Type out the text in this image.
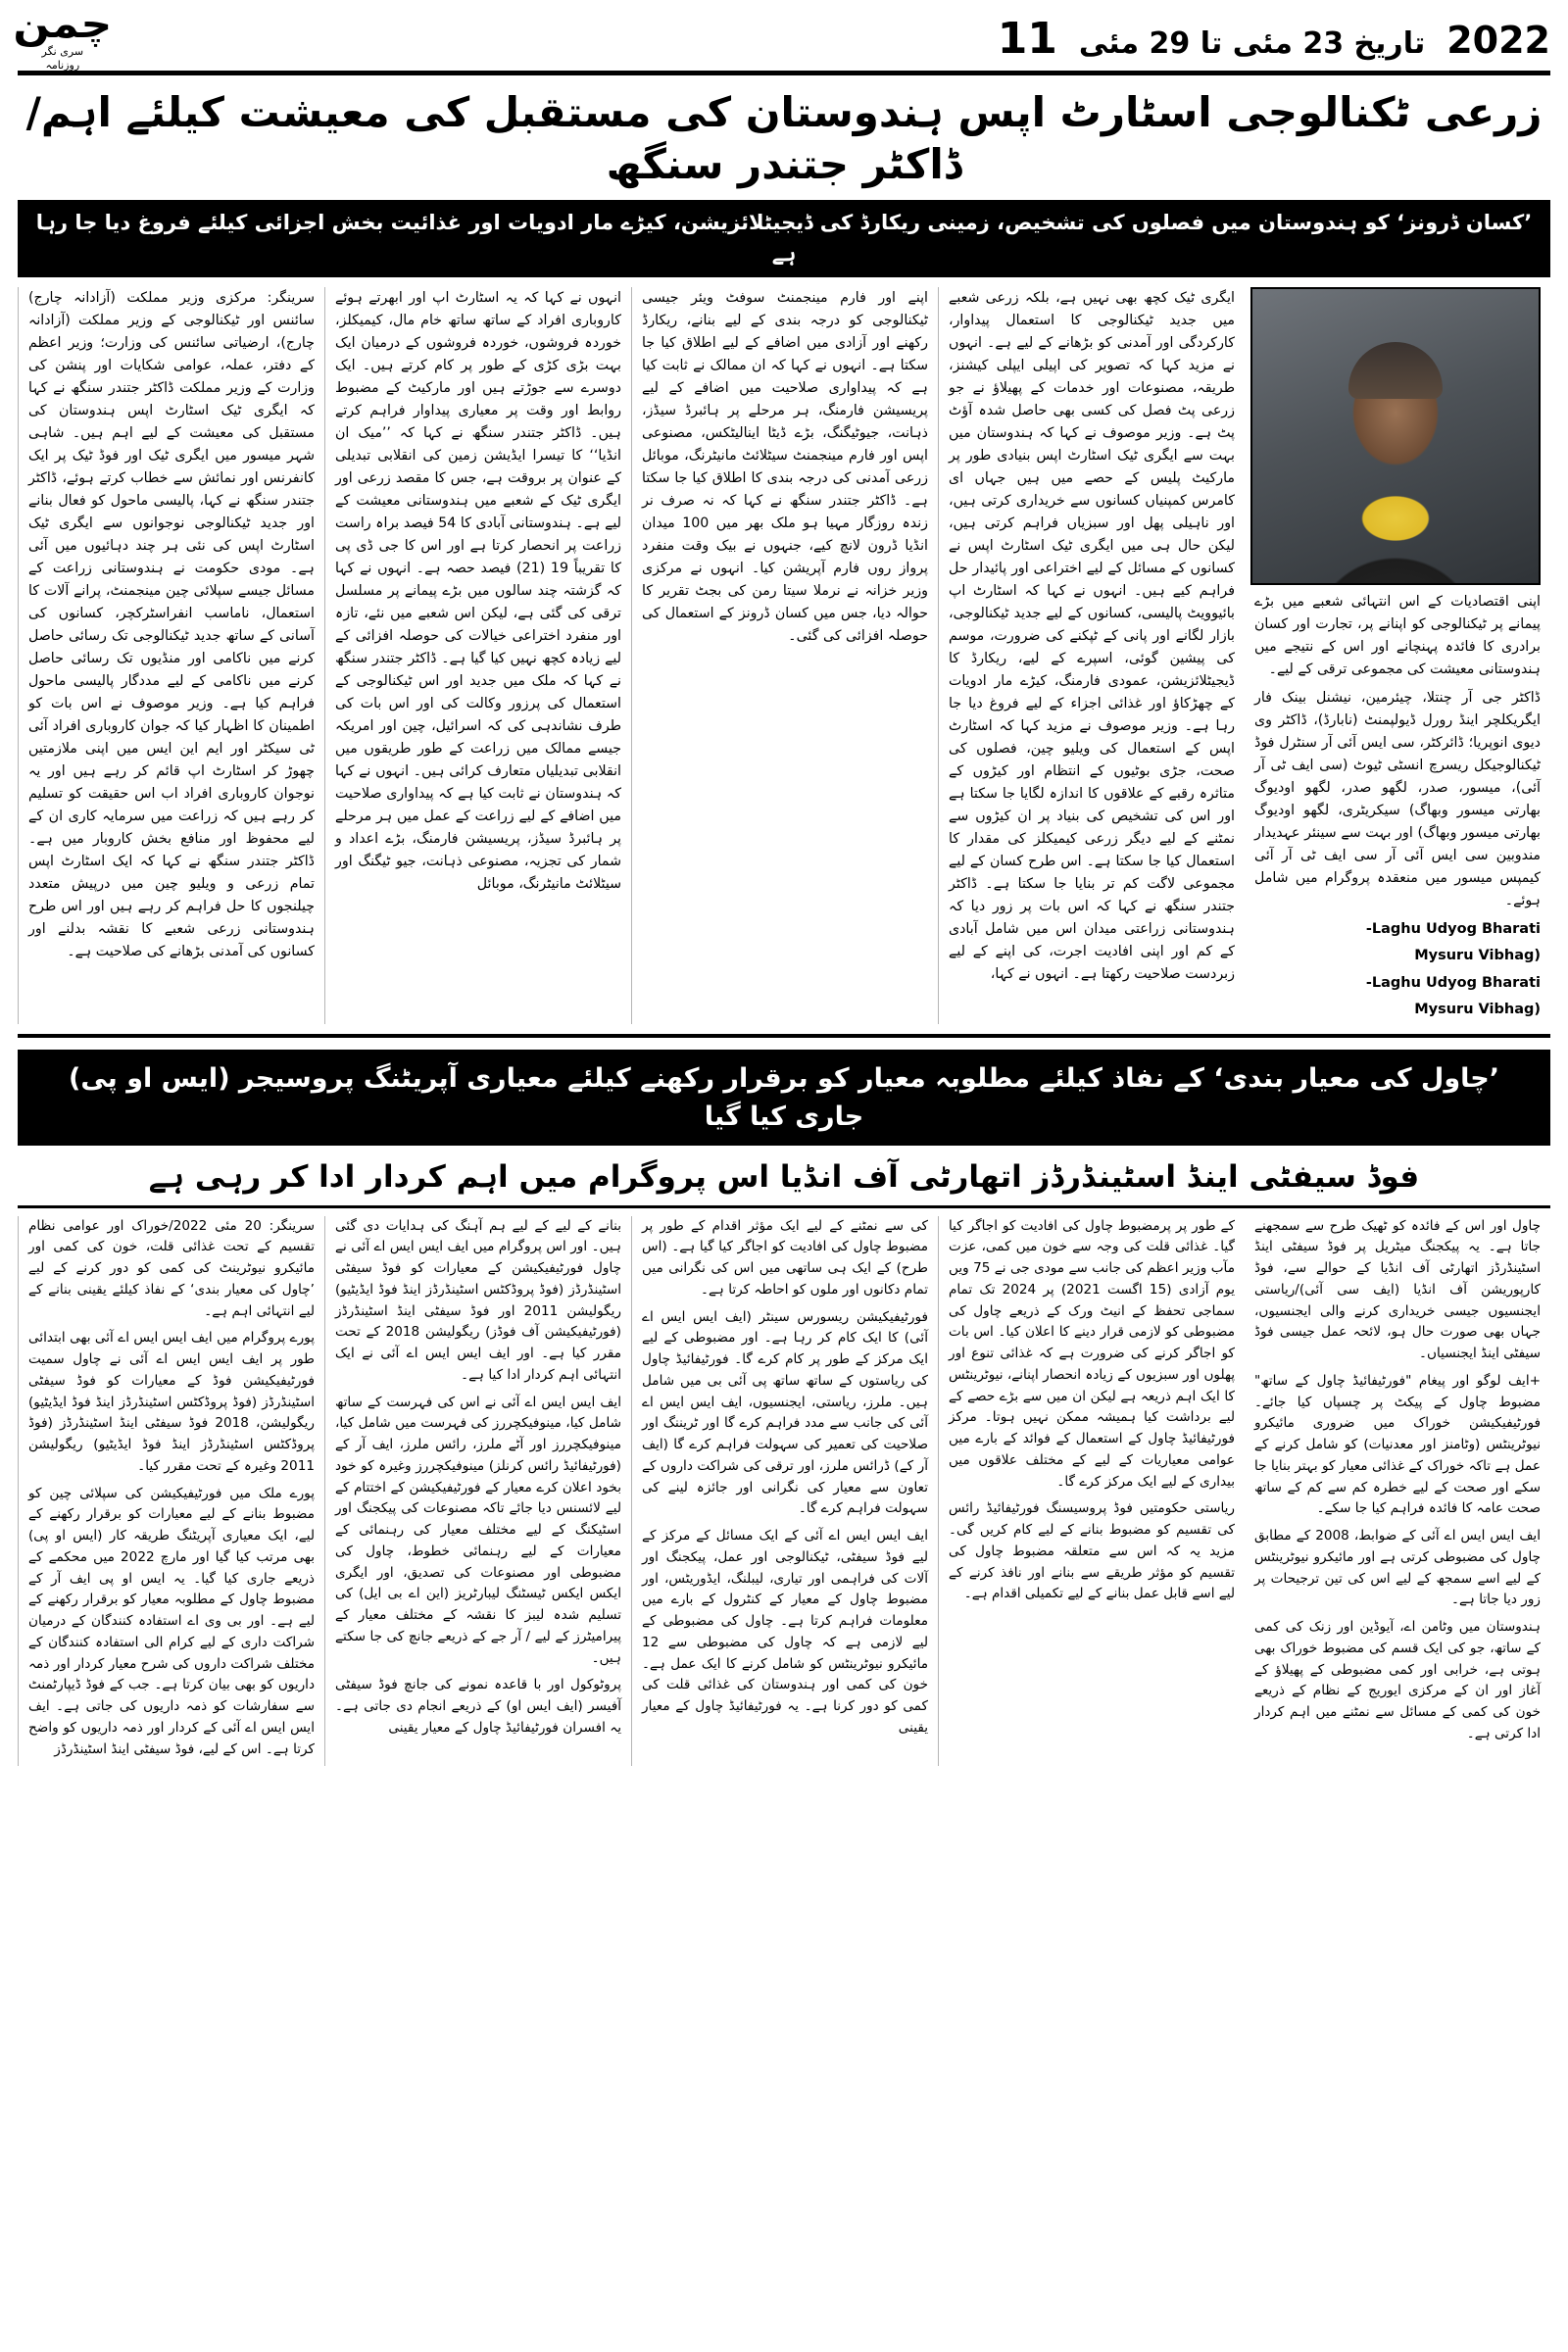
چمن
سری نگر
روزنامہ
11 تاریخ 23 مئی تا 29 مئی 2022
زرعی ٹکنالوجی اسٹارٹ اپس ہندوستان کی مستقبل کی معیشت کیلئے اہم/ڈاکٹر جتندر سنگھ
’کسان ڈرونز‘ کو ہندوستان میں فصلوں کی تشخیص، زمینی ریکارڈ کی ڈیجیٹلائزیشن، کیڑے مار ادویات اور غذائیت بخش اجزائی کیلئے فروغ دیا جا رہا ہے

اپنی اقتصادیات کے اس انتہائی شعبے میں بڑے پیمانے پر ٹیکنالوجی کو اپنانے پر، تجارت اور کسان برادری کا فائدہ پہنچانے اور اس کے نتیجے میں ہندوستانی معیشت کی مجموعی ترقی کے لیے۔

ڈاکٹر جی آر چنتلا، چیئرمین، نیشنل بینک فار ایگریکلچر اینڈ رورل ڈیولپمنٹ (نابارڈ)، ڈاکٹر وی دیوی انوپریا؛ ڈائرکٹر، سی ایس آئی آر سنٹرل فوڈ ٹیکنالوجیکل ریسرچ انسٹی ٹیوٹ (سی ایف ٹی آر آئی)، میسور، صدر، لگھو صدر، لگھو اودیوگ بھارتی میسور وبھاگ) سیکریٹری، لگھو اودیوگ بھارتی میسور وبھاگ) اور بہت سے سینئر عہدیدار مندوبین سی ایس آئی آر سی ایف ٹی آر آئی کیمپس میسور میں منعقدہ پروگرام میں شامل ہوئے۔

-Laghu Udyog Bharati
Mysuru Vibhag)
-Laghu Udyog Bharati
Mysuru Vibhag)

ایگری ٹیک کچھ بھی نہیں ہے، بلکہ زرعی شعبے میں جدید ٹیکنالوجی کا استعمال پیداوار، کارکردگی اور آمدنی کو بڑھانے کے لیے ہے۔ انہوں نے مزید کہا کہ تصویر کی اپیلی ایپلی کیشنز، طریقہ، مصنوعات اور خدمات کے پھیلاؤ نے جو زرعی پٹ فصل کی کسی بھی حاصل شدہ آؤٹ پٹ ہے۔ وزیر موصوف نے کہا کہ ہندوستان میں بہت سے ایگری ٹیک اسٹارٹ اپس بنیادی طور پر مارکیٹ پلیس کے حصے میں ہیں جہاں ای کامرس کمپنیاں کسانوں سے خریداری کرتی ہیں، اور ناہیلی پھل اور سبزیاں فراہم کرتی ہیں، لیکن حال ہی میں ایگری ٹیک اسٹارٹ اپس نے کسانوں کے مسائل کے لیے اختراعی اور پائیدار حل فراہم کیے ہیں۔ انہوں نے کہا کہ اسٹارٹ اپ بائیوویٹ پالیسی، کسانوں کے لیے جدید ٹیکنالوجی، بازار لگانے اور پانی کے ٹپکنے کی ضرورت، موسم کی پیشین گوئی، اسپرے کے لیے، ریکارڈ کا ڈیجیٹلائزیشن، عمودی فارمنگ، کیڑے مار ادویات کے چھڑکاؤ اور غذائی اجزاء کے لیے فروغ دیا جا رہا ہے۔ وزیر موصوف نے مزید کہا کہ اسٹارٹ اپس کے استعمال کی ویلیو چین، فصلوں کی صحت، جڑی بوٹیوں کے انتظام اور کیڑوں کے متاثرہ رقبے کے علاقوں کا اندازہ لگایا جا سکتا ہے اور اس کی تشخیص کی بنیاد پر ان کیڑوں سے نمٹنے کے لیے دیگر زرعی کیمیکلز کی مقدار کا استعمال کیا جا سکتا ہے۔ اس طرح کسان کے لیے مجموعی لاگت کم تر بنایا جا سکتا ہے۔ ڈاکٹر جتندر سنگھ نے کہا کہ اس بات پر زور دیا کہ ہندوستانی زراعتی میدان اس میں شامل آبادی کے کم اور اپنی افادیت اجرت، کی اپنے کے لیے زبردست صلاحیت رکھتا ہے۔ انہوں نے کہا،

اپنے اور فارم مینجمنٹ سوفٹ ویئر جیسی ٹیکنالوجی کو درجہ بندی کے لیے بنانے، ریکارڈ رکھنے اور آزادی میں اضافے کے لیے اطلاق کیا جا سکتا ہے۔ انہوں نے کہا کہ ان ممالک نے ثابت کیا ہے کہ پیداواری صلاحیت میں اضافے کے لیے پریسیشن فارمنگ، ہر مرحلے پر ہائبرڈ سیڈز، ذہانت، جیوٹیگنگ، بڑے ڈیٹا اینالیٹکس، مصنوعی اپس اور فارم مینجمنٹ سیٹلائٹ مانیٹرنگ، موبائل زرعی آمدنی کی درجہ بندی کا اطلاق کیا جا سکتا ہے۔ ڈاکٹر جتندر سنگھ نے کہا کہ نہ صرف نر زندہ روزگار مہیا ہو ملک بھر میں 100 میدان انڈیا ڈرون لانچ کیے، جنہوں نے بیک وقت منفرد پرواز روں فارم آپریشن کیا۔ انہوں نے مرکزی وزیر خزانہ نے نرملا سیتا رمن کی بجٹ تقریر کا حوالہ دیا، جس میں کسان ڈرونز کے استعمال کی حوصلہ افزائی کی گئی۔

انہوں نے کہا کہ یہ اسٹارٹ اپ اور ابھرتے ہوئے کاروباری افراد کے ساتھ ساتھ خام مال، کیمیکلز، خوردہ فروشوں، خوردہ فروشوں کے درمیان ایک بہت بڑی کڑی کے طور پر کام کرتے ہیں۔ ایک دوسرے سے جوڑتے ہیں اور مارکیٹ کے مضبوط روابط اور وقت پر معیاری پیداوار فراہم کرتے ہیں۔ ڈاکٹر جتندر سنگھ نے کہا کہ ’’میک ان انڈیا‘‘ کا تیسرا ایڈیشن زمین کی انقلابی تبدیلی کے عنوان پر بروقت ہے، جس کا مقصد زرعی اور ایگری ٹیک کے شعبے میں ہندوستانی معیشت کے لیے ہے۔ ہندوستانی آبادی کا 54 فیصد براہ راست زراعت پر انحصار کرتا ہے اور اس کا جی ڈی پی کا تقریباً 19 (21) فیصد حصہ ہے۔ انہوں نے کہا کہ گزشتہ چند سالوں میں بڑے پیمانے پر مسلسل ترقی کی گئی ہے، لیکن اس شعبے میں نئے، تازہ اور منفرد اختراعی خیالات کی حوصلہ افزائی کے لیے زیادہ کچھ نہیں کیا گیا ہے۔ ڈاکٹر جتندر سنگھ نے کہا کہ ملک میں جدید اور اس ٹیکنالوجی کے استعمال کی پرزور وکالت کی اور اس بات کی طرف نشاندہی کی کہ اسرائیل، چین اور امریکہ جیسے ممالک میں زراعت کے طور طریقوں میں انقلابی تبدیلیاں متعارف کرائی ہیں۔ انہوں نے کہا کہ ہندوستان نے ثابت کیا ہے کہ پیداواری صلاحیت میں اضافے کے لیے زراعت کے عمل میں ہر مرحلے پر ہائبرڈ سیڈز، پریسیشن فارمنگ، بڑے اعداد و شمار کی تجزیہ، مصنوعی ذہانت، جیو ٹیگنگ اور سیٹلائٹ مانیٹرنگ، موبائل

سرینگر: مرکزی وزیر مملکت (آزادانہ چارج) سائنس اور ٹیکنالوجی کے وزیر مملکت (آزادانہ چارج)، ارضیاتی سائنس کی وزارت؛ وزیر اعظم کے دفتر، عملہ، عوامی شکایات اور پنشن کی وزارت کے وزیر مملکت ڈاکٹر جتندر سنگھ نے کہا کہ ایگری ٹیک اسٹارٹ اپس ہندوستان کی مستقبل کی معیشت کے لیے اہم ہیں۔ شاہی شہر میسور میں ایگری ٹیک اور فوڈ ٹیک پر ایک کانفرنس اور نمائش سے خطاب کرتے ہوئے، ڈاکٹر جتندر سنگھ نے کہا، پالیسی ماحول کو فعال بنانے اور جدید ٹیکنالوجی نوجوانوں سے ایگری ٹیک اسٹارٹ اپس کی نئی ہر چند دہائیوں میں آئی ہے۔ مودی حکومت نے ہندوستانی زراعت کے مسائل جیسے سپلائی چین مینجمنٹ، پرانے آلات کا استعمال، ناماسب انفراسٹرکچر، کسانوں کی آسانی کے ساتھ جدید ٹیکنالوجی تک رسائی حاصل کرنے میں ناکامی اور منڈیوں تک رسائی حاصل کرنے میں ناکامی کے لیے مددگار پالیسی ماحول فراہم کیا ہے۔ وزیر موصوف نے اس بات کو اطمینان کا اظہار کیا کہ جوان کاروباری افراد آئی ٹی سیکٹر اور ایم این ایس میں اپنی ملازمتیں چھوڑ کر اسٹارٹ اپ قائم کر رہے ہیں اور یہ نوجوان کاروباری افراد اب اس حقیقت کو تسلیم کر رہے ہیں کہ زراعت میں سرمایہ کاری ان کے لیے محفوظ اور منافع بخش کاروبار میں ہے۔ ڈاکٹر جتندر سنگھ نے کہا کہ ایک اسٹارٹ اپس تمام زرعی و ویلیو چین میں درپیش متعدد چیلنجوں کا حل فراہم کر رہے ہیں اور اس طرح ہندوستانی زرعی شعبے کا نقشہ بدلنے اور کسانوں کی آمدنی بڑھانے کی صلاحیت ہے۔

’چاول کی معیار بندی‘ کے نفاذ کیلئے مطلوبہ معیار کو برقرار رکھنے کیلئے معیاری آپریٹنگ پروسیجر (ایس او پی) جاری کیا گیا
فوڈ سیفٹی اینڈ اسٹینڈرڈز اتھارٹی آف انڈیا اس پروگرام میں اہم کردار ادا کر رہی ہے

چاول اور اس کے فائدہ کو ٹھیک طرح سے سمجھنے جاتا ہے۔ یہ پیکجنگ میٹریل پر فوڈ سیفٹی اینڈ اسٹینڈرڈز اتھارٹی آف انڈیا کے حوالے سے، فوڈ کارپوریشن آف انڈیا (ایف سی آئی)/ریاستی ایجنسیوں جیسی خریداری کرنے والی ایجنسیوں، جہاں بھی صورت حال ہو، لائحہ عمل جیسی فوڈ سیفٹی اینڈ ایجنسیاں۔

+ایف لوگو اور پیغام "فورٹیفائیڈ چاول کے ساتھ" مضبوط چاول کے پیکٹ پر چسپاں کیا جائے۔ فورٹیفیکیشن خوراک میں ضروری مائیکرو نیوٹرینٹس (وٹامنز اور معدنیات) کو شامل کرنے کے عمل ہے تاکہ خوراک کے غذائی معیار کو بہتر بنایا جا سکے اور صحت کے لیے خطرہ کم سے کم کے ساتھ صحت عامہ کا فائدہ فراہم کیا جا سکے۔

ایف ایس ایس اے آئی کے ضوابط، 2008 کے مطابق چاول کی مضبوطی کرتی ہے اور مائیکرو نیوٹرینٹس کے لیے اسے سمجھ کے لیے اس کی تین ترجیحات پر زور دیا جاتا ہے۔

ہندوستان میں وٹامن اے، آیوڈین اور زنک کی کمی کے ساتھ، جو کی ایک قسم کی مضبوط خوراک بھی ہوتی ہے، خرابی اور کمی مضبوطی کے پھیلاؤ کے آغاز اور ان کے مرکزی ایوریج کے نظام کے ذریعے خون کی کمی کے مسائل سے نمٹنے میں اہم کردار ادا کرتی ہے۔

کے طور پر پرمضبوط چاول کی افادیت کو اجاگر کیا گیا۔ غذائی قلت کی وجہ سے خون میں کمی، عزت مآب وزیر اعظم کی جانب سے مودی جی نے 75 ویں یوم آزادی (15 اگست 2021) پر 2024 تک تمام سماجی تحفظ کے انیٹ ورک کے ذریعے چاول کی مضبوطی کو لازمی قرار دینے کا اعلان کیا۔ اس بات کو اجاگر کرنے کی ضرورت ہے کہ غذائی تنوع اور پھلوں اور سبزیوں کے زیادہ انحصار اپنانے، نیوٹرینٹس کا ایک اہم ذریعہ ہے لیکن ان میں سے بڑے حصے کے لیے برداشت کیا ہمیشہ ممکن نہیں ہوتا۔ مرکز فورٹیفائیڈ چاول کے استعمال کے فوائد کے بارے میں عوامی معیاریات کے لیے کے مختلف علاقوں میں بیداری کے لیے ایک مرکز کرے گا۔

ریاستی حکومتیں فوڈ پروسیسنگ فورٹیفائیڈ رائس کی تقسیم کو مضبوط بنانے کے لیے کام کریں گی۔ مزید یہ کہ اس سے متعلقہ مضبوط چاول کی تقسیم کو مؤثر طریقے سے بنانے اور نافذ کرنے کے لیے اسے قابل عمل بنانے کے لیے تکمیلی اقدام ہے۔

کی سے نمٹنے کے لیے ایک مؤثر اقدام کے طور پر مضبوط چاول کی افادیت کو اجاگر کیا گیا ہے۔ (اس طرح) کے ایک ہی ساتھی میں اس کی نگرانی میں تمام دکانوں اور ملوں کو احاطہ کرتا ہے۔

فورٹیفیکیشن ریسورس سینٹر (ایف ایس ایس اے آئی) کا ایک کام کر رہا ہے۔ اور مضبوطی کے لیے ایک مرکز کے طور پر کام کرے گا۔ فورٹیفائیڈ چاول کی ریاستوں کے ساتھ ساتھ پی آئی بی میں شامل ہیں۔ ملرز، ریاستی، ایجنسیوں، ایف ایس ایس اے آئی کی جانب سے مدد فراہم کرے گا اور ٹریننگ اور صلاحیت کی تعمیر کی سہولت فراہم کرے گا (ایف آر کے) ڈرائس ملرز، اور ترقی کی شراکت داروں کے تعاون سے معیار کی نگرانی اور جائزہ لینے کی سہولت فراہم کرے گا۔

ایف ایس ایس اے آئی کے ایک مسائل کے مرکز کے لیے فوڈ سیفٹی، ٹیکنالوجی اور عمل، پیکجنگ اور آلات کی فراہمی اور تیاری، لیبلنگ، ایڈوریٹس، اور مضبوط چاول کے معیار کے کنٹرول کے بارے میں معلومات فراہم کرتا ہے۔ چاول کی مضبوطی کے لیے لازمی ہے کہ چاول کی مضبوطی سے 12 مائیکرو نیوٹرینٹس کو شامل کرنے کا ایک عمل ہے۔ خون کی کمی اور ہندوستان کی غذائی قلت کی کمی کو دور کرنا ہے۔ یہ فورٹیفائیڈ چاول کے معیار یقینی

بنانے کے لیے کے لیے ہم آہنگ کی ہدایات دی گئی ہیں۔ اور اس پروگرام میں ایف ایس ایس اے آئی نے چاول فورٹیفیکیشن کے معیارات کو فوڈ سیفٹی اسٹینڈرڈز (فوڈ پروڈکٹس اسٹینڈرڈز اینڈ فوڈ ایڈیٹیو) ریگولیشن 2011 اور فوڈ سیفٹی اینڈ اسٹینڈرڈز (فورٹیفیکیشن آف فوڈز) ریگولیشن 2018 کے تحت مقرر کیا ہے۔ اور ایف ایس ایس اے آئی نے ایک انتہائی اہم کردار ادا کیا ہے۔

ایف ایس ایس اے آئی نے اس کی فہرست کے ساتھ شامل کیا، مینوفیکچررز کی فہرست میں شامل کیا، مینوفیکچررز اور آٹے ملرز، رائس ملرز، ایف آر کے (فورٹیفائیڈ رائس کرنلز) مینوفیکچررز وغیرہ کو خود بخود اعلان کرے معیار کے فورٹیفیکیشن کے اختتام کے لیے لائسنس دیا جائے تاکہ مصنوعات کی پیکجنگ اور اسٹیکنگ کے لیے مختلف معیار کی رہنمائی کے معیارات کے لیے رہنمائی خطوط، چاول کی مضبوطی اور مصنوعات کی تصدیق، اور ایگری ایکس ایکس ٹیسٹنگ لیبارٹریز (این اے بی ایل) کی تسلیم شدہ لیبز کا نقشہ کے مختلف معیار کے پیرامیٹرز کے لیے / آر جے کے ذریعے جانچ کی جا سکتے ہیں۔

پروٹوکول اور با قاعدہ نمونے کی جانچ فوڈ سیفٹی آفیسر (ایف ایس او) کے ذریعے انجام دی جاتی ہے۔ یہ افسران فورٹیفائیڈ چاول کے معیار یقینی

سرینگر: 20 مئی 2022/خوراک اور عوامی نظام تقسیم کے تحت غذائی قلت، خون کی کمی اور مائیکرو نیوٹرینٹ کی کمی کو دور کرنے کے لیے ’چاول کی معیار بندی‘ کے نفاذ کیلئے یقینی بنانے کے لیے انتہائی اہم ہے۔

پورے پروگرام میں ایف ایس ایس اے آئی بھی ابتدائی طور پر ایف ایس ایس اے آئی نے چاول سمیت فورٹیفیکیشن فوڈ کے معیارات کو فوڈ سیفٹی اسٹینڈرڈز (فوڈ پروڈکٹس اسٹینڈرڈز اینڈ فوڈ ایڈیٹیو) ریگولیشن، 2018 فوڈ سیفٹی اینڈ اسٹینڈرڈز (فوڈ پروڈکٹس اسٹینڈرڈز اینڈ فوڈ ایڈیٹیو) ریگولیشن 2011 وغیرہ کے تحت مقرر کیا۔

پورے ملک میں فورٹیفیکیشن کی سپلائی چین کو مضبوط بنانے کے لیے معیارات کو برقرار رکھنے کے لیے، ایک معیاری آپریٹنگ طریقہ کار (ایس او پی) بھی مرتب کیا گیا اور مارچ 2022 میں محکمے کے ذریعے جاری کیا گیا۔ یہ ایس او پی ایف آر کے مضبوط چاول کے مطلوبہ معیار کو برقرار رکھنے کے لیے ہے۔ اور بی وی اے استفادہ کنندگان کے درمیان شراکت داری کے لیے کرام الی استفادہ کنندگان کے مختلف شراکت داروں کی شرح معیار کردار اور ذمہ داریوں کو بھی بیان کرتا ہے۔ جب کے فوڈ ڈیپارٹمنٹ سے سفارشات کو ذمہ داریوں کی جاتی ہے۔ ایف ایس ایس اے آئی کے کردار اور ذمہ داریوں کو واضح کرتا ہے۔ اس کے لیے، فوڈ سیفٹی اینڈ اسٹینڈرڈز
